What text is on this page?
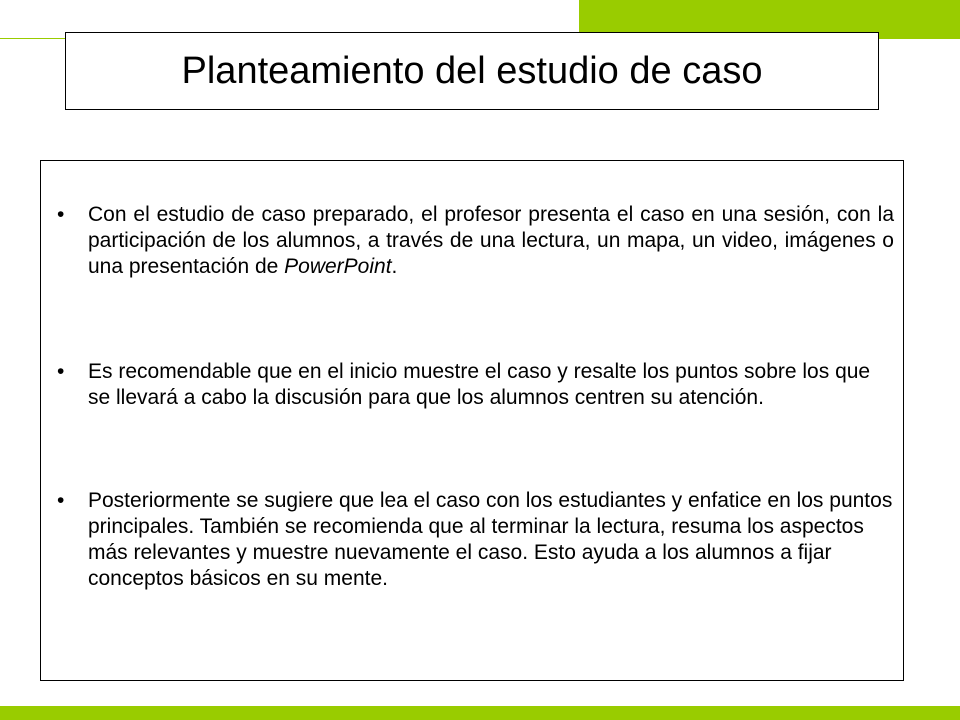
Planteamiento del estudio de caso
• Con el estudio de caso preparado, el profesor presenta el caso en una sesión, con la participación de los alumnos, a través de una lectura, un mapa, un video, imágenes o una presentación de PowerPoint.

• Es recomendable que en el inicio muestre el caso y resalte los puntos sobre los que se llevará a cabo la discusión para que los alumnos centren su atención.

• Posteriormente se sugiere que lea el caso con los estudiantes y enfatice en los puntos principales. También se recomienda que al terminar la lectura, resuma los aspectos más relevantes y muestre nuevamente el caso. Esto ayuda a los alumnos a fijar conceptos básicos en su mente.
